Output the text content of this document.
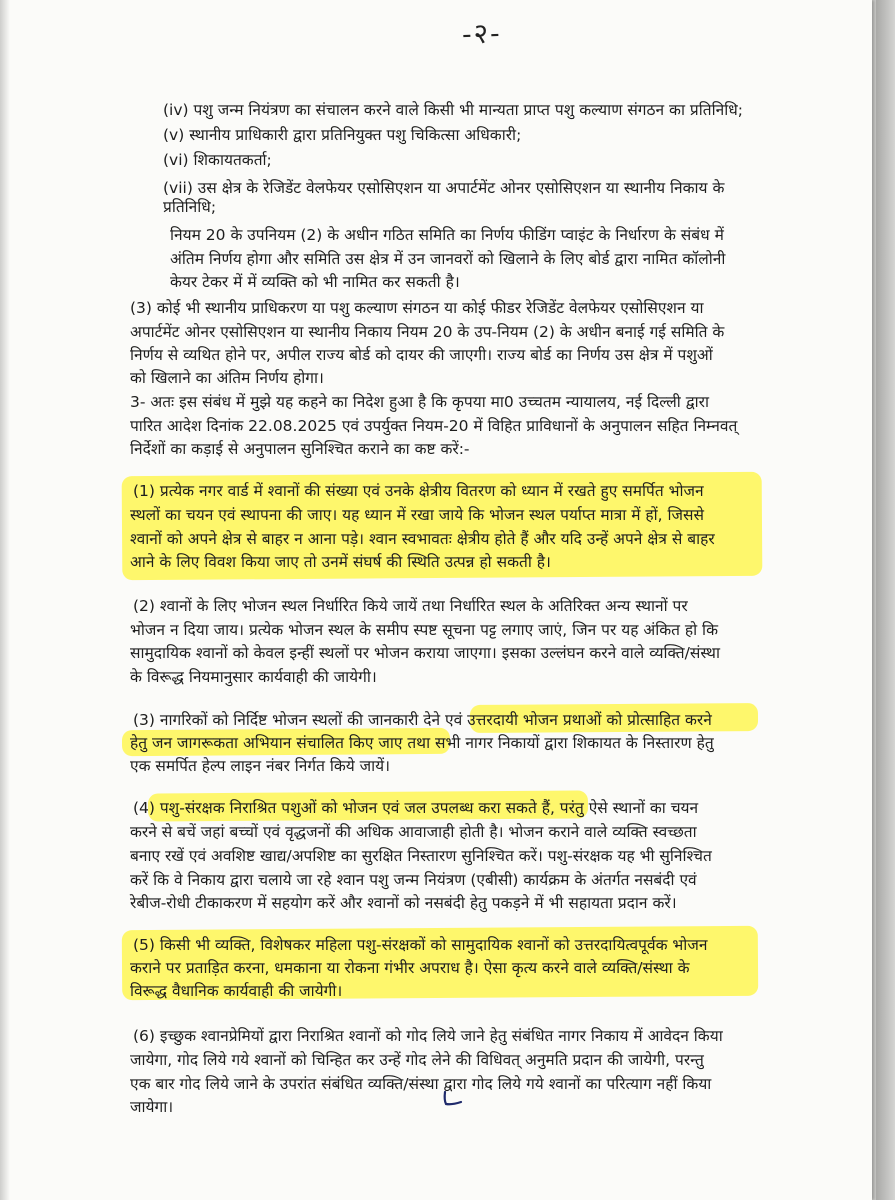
-२-
(iv) पशु जन्म नियंत्रण का संचालन करने वाले किसी भी मान्यता प्राप्त पशु कल्याण संगठन का प्रतिनिधि;
(v) स्थानीय प्राधिकारी द्वारा प्रतिनियुक्त पशु चिकित्सा अधिकारी;
(vi) शिकायतकर्ता;
(vii) उस क्षेत्र के रेजिडेंट वेलफेयर एसोसिएशन या अपार्टमेंट ओनर एसोसिएशन या स्थानीय निकाय के
प्रतिनिधि;
नियम 20 के उपनियम (2) के अधीन गठित समिति का निर्णय फीडिंग प्वाइंट के निर्धारण के संबंध में
अंतिम निर्णय होगा और समिति उस क्षेत्र में उन जानवरों को खिलाने के लिए बोर्ड द्वारा नामित कॉलोनी
केयर टेकर में में व्यक्ति को भी नामित कर सकती है।
(3) कोई भी स्थानीय प्राधिकरण या पशु कल्याण संगठन या कोई फीडर रेजिडेंट वेलफेयर एसोसिएशन या
अपार्टमेंट ओनर एसोसिएशन या स्थानीय निकाय नियम 20 के उप-नियम (2) के अधीन बनाई गई समिति के
निर्णय से व्यथित होने पर, अपील राज्य बोर्ड को दायर की जाएगी। राज्य बोर्ड का निर्णय उस क्षेत्र में पशुओं
को खिलाने का अंतिम निर्णय होगा।
3- अतः इस संबंध में मुझे यह कहने का निदेश हुआ है कि कृपया मा0 उच्चतम न्यायालय, नई दिल्ली द्वारा
पारित आदेश दिनांक 22.08.2025 एवं उपर्युक्त नियम-20 में विहित प्राविधानों के अनुपालन सहित निम्नवत्
निर्देशों का कड़ाई से अनुपालन सुनिश्चित कराने का कष्ट करें:-
(1) प्रत्येक नगर वार्ड में श्वानों की संख्या एवं उनके क्षेत्रीय वितरण को ध्यान में रखते हुए समर्पित भोजन
स्थलों का चयन एवं स्थापना की जाए। यह ध्यान में रखा जाये कि भोजन स्थल पर्याप्त मात्रा में हों, जिससे
श्वानों को अपने क्षेत्र से बाहर न आना पड़े। श्वान स्वभावतः क्षेत्रीय होते हैं और यदि उन्हें अपने क्षेत्र से बाहर
आने के लिए विवश किया जाए तो उनमें संघर्ष की स्थिति उत्पन्न हो सकती है।
(2) श्वानों के लिए भोजन स्थल निर्धारित किये जायें तथा निर्धारित स्थल के अतिरिक्त अन्य स्थानों पर
भोजन न दिया जाय। प्रत्येक भोजन स्थल के समीप स्पष्ट सूचना पट्ट लगाए जाएं, जिन पर यह अंकित हो कि
सामुदायिक श्वानों को केवल इन्हीं स्थलों पर भोजन कराया जाएगा। इसका उल्लंघन करने वाले व्यक्ति/संस्था
के विरूद्ध नियमानुसार कार्यवाही की जायेगी।
(3) नागरिकों को निर्दिष्ट भोजन स्थलों की जानकारी देने एवं उत्तरदायी भोजन प्रथाओं को प्रोत्साहित करने
हेतु जन जागरूकता अभियान संचालित किए जाए तथा सभी नागर निकायों द्वारा शिकायत के निस्तारण हेतु
एक समर्पित हेल्प लाइन नंबर निर्गत किये जायें।
(4) पशु-संरक्षक निराश्रित पशुओं को भोजन एवं जल उपलब्ध करा सकते हैं, परंतु ऐसे स्थानों का चयन
करने से बचें जहां बच्चों एवं वृद्धजनों की अधिक आवाजाही होती है। भोजन कराने वाले व्यक्ति स्वच्छता
बनाए रखें एवं अवशिष्ट खाद्य/अपशिष्ट का सुरक्षित निस्तारण सुनिश्चित करें। पशु-संरक्षक यह भी सुनिश्चित
करें कि वे निकाय द्वारा चलाये जा रहे श्वान पशु जन्म नियंत्रण (एबीसी) कार्यक्रम के अंतर्गत नसबंदी एवं
रेबीज-रोधी टीकाकरण में सहयोग करें और श्वानों को नसबंदी हेतु पकड़ने में भी सहायता प्रदान करें।
(5) किसी भी व्यक्ति, विशेषकर महिला पशु-संरक्षकों को सामुदायिक श्वानों को उत्तरदायित्वपूर्वक भोजन
कराने पर प्रताड़ित करना, धमकाना या रोकना गंभीर अपराध है। ऐसा कृत्य करने वाले व्यक्ति/संस्था के
विरूद्ध वैधानिक कार्यवाही की जायेगी।
(6) इच्छुक श्वानप्रेमियों द्वारा निराश्रित श्वानों को गोद लिये जाने हेतु संबंधित नागर निकाय में आवेदन किया
जायेगा, गोद लिये गये श्वानों को चिन्हित कर उन्हें गोद लेने की विधिवत् अनुमति प्रदान की जायेगी, परन्तु
एक बार गोद लिये जाने के उपरांत संबंधित व्यक्ति/संस्था द्वारा गोद लिये गये श्वानों का परित्याग नहीं किया
जायेगा।
